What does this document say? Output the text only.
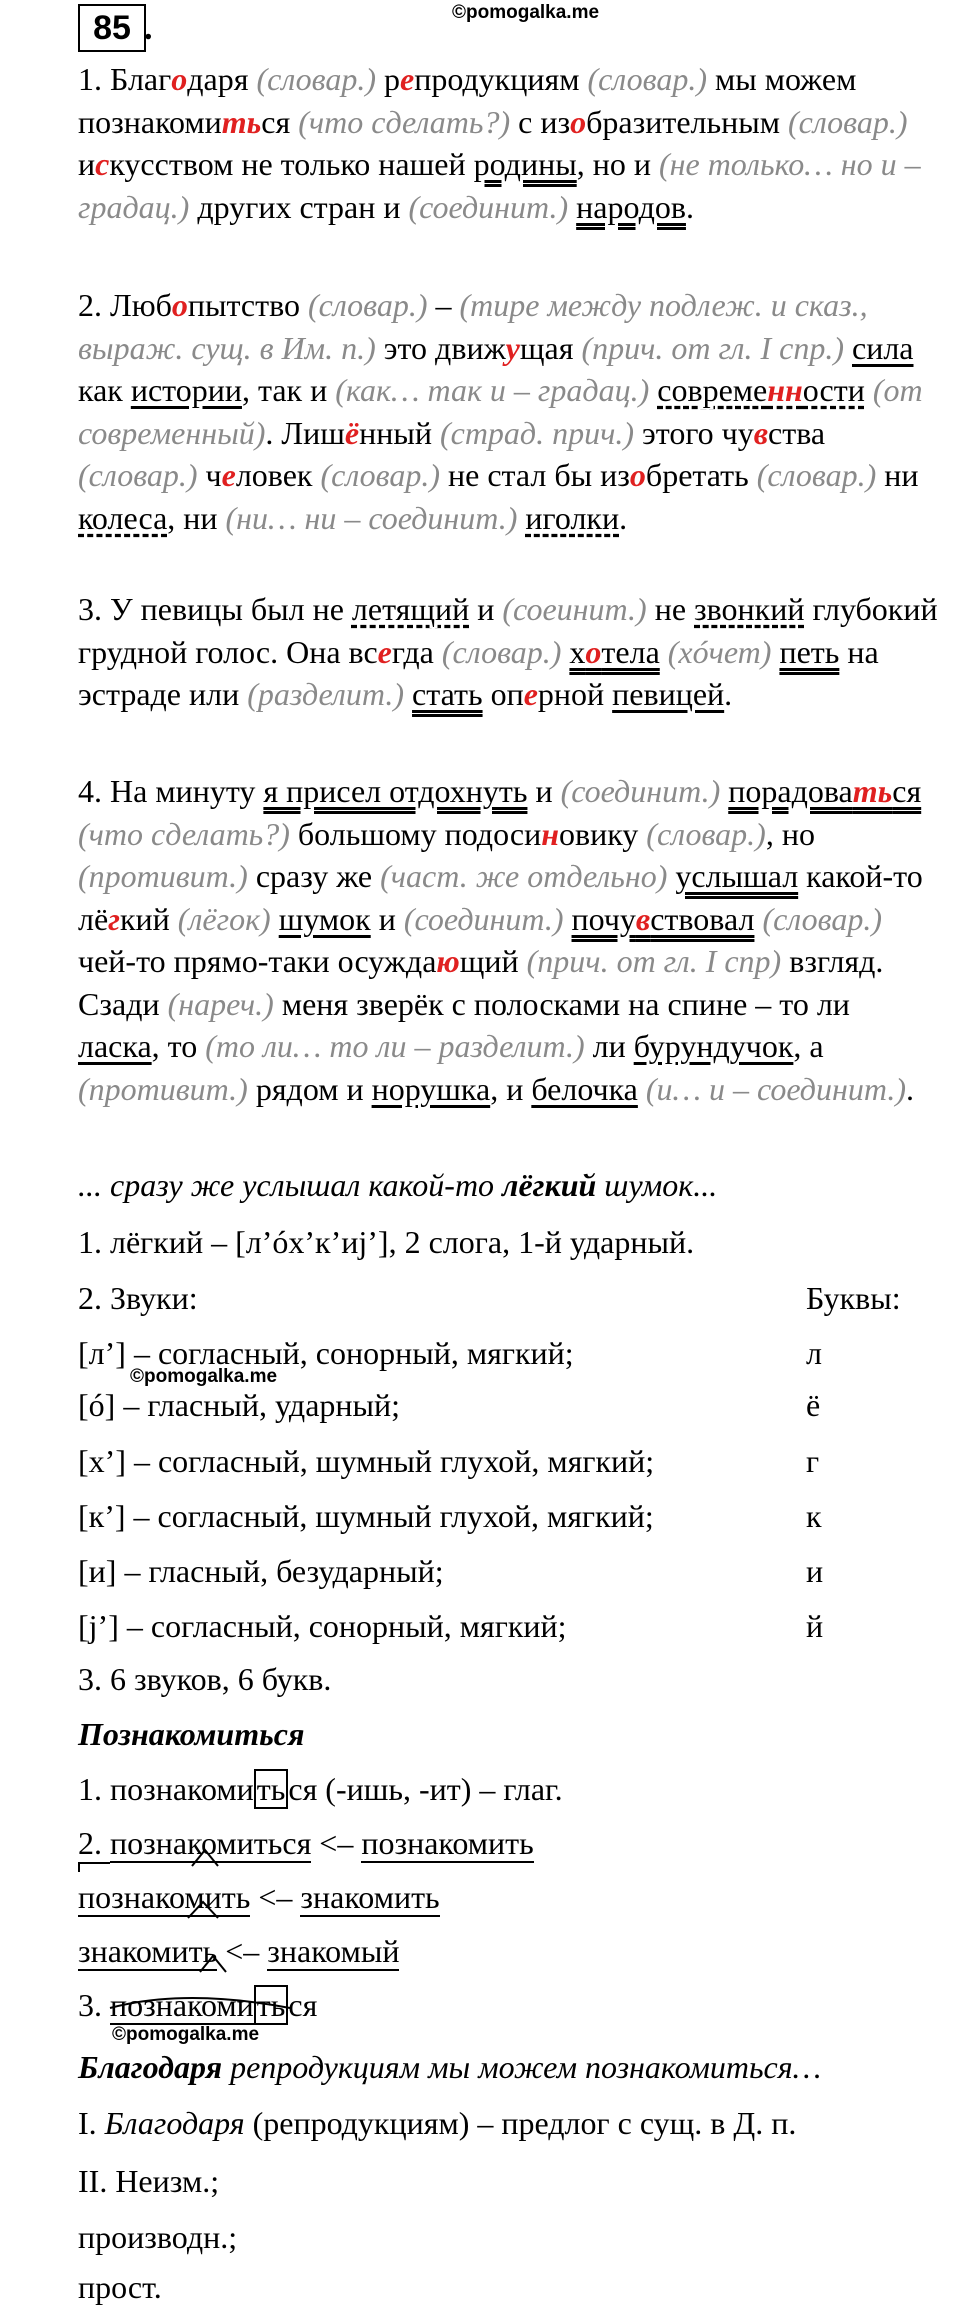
85 .	©pomogalka.me

1. Благодаря (словар.) репродукциям (словар.) мы можем познакомиться (что сделать?) с изобразительным (словар.) искусством не только нашей родины, но и (не только… но и – градац.) других стран и (соединит.) народов.

2. Любопытство (словар.) – (тире между подлеж. и сказ., выраж. сущ. в Им. п.) это движущая (прич. от гл. I спр.) сила как истории, так и (как… так и – градац.) современности (от современный). Лишённый (страд. прич.) этого чувства (словар.) человек (словар.) не стал бы изобретать (словар.) ни колеса, ни (ни… ни – соединит.) иголки.

3. У певицы был не летящий и (соеинит.) не звонкий глубокий грудной голос. Она всегда (словар.) хотела (хóчет) петь на эстраде или (разделит.) стать оперной певицей.

4. На минуту я присел отдохнуть и (соединит.) порадоваться (что сделать?) большому подосиновику (словар.), но (противит.) сразу же (част. же отдельно) услышал какой-то лёгкий (лёгок) шумок и (соединит.) почувствовал (словар.) чей-то прямо-таки осуждающий (прич. от гл. I спр) взгляд. Сзади (нареч.) меня зверёк с полосками на спине – то ли ласка, то (то ли… то ли – разделит.) ли бурундучок, а (противит.) рядом и норушка, и белочка (и… и – соединит.).

... сразу же услышал какой-то лёгкий шумок...
1. лёгкий – [л’óх’к’иj’], 2 слога, 1-й ударный.
2. Звуки:	Буквы:
©pomogalka.me
[л’] – согласный, сонорный, мягкий;	л
[ó] – гласный, ударный;	ё
[х’] – согласный, шумный глухой, мягкий;	г
[к’] – согласный, шумный глухой, мягкий;	к
[и] – гласный, безударный;	и
[j’] – согласный, сонорный, мягкий;	й
3. 6 звуков, 6 букв.
Познакомиться
1. познакомиться (-ишь, -ит) – глаг.
2. познакомиться <– познакомить
познакомить <– знакомить
знакомить <– знакомый
3. познакомиться
©pomogalka.me
Благодаря репродукциям мы можем познакомиться…
I. Благодаря (репродукциям) – предлог с сущ. в Д. п.
II. Неизм.;
производн.;
прост.
